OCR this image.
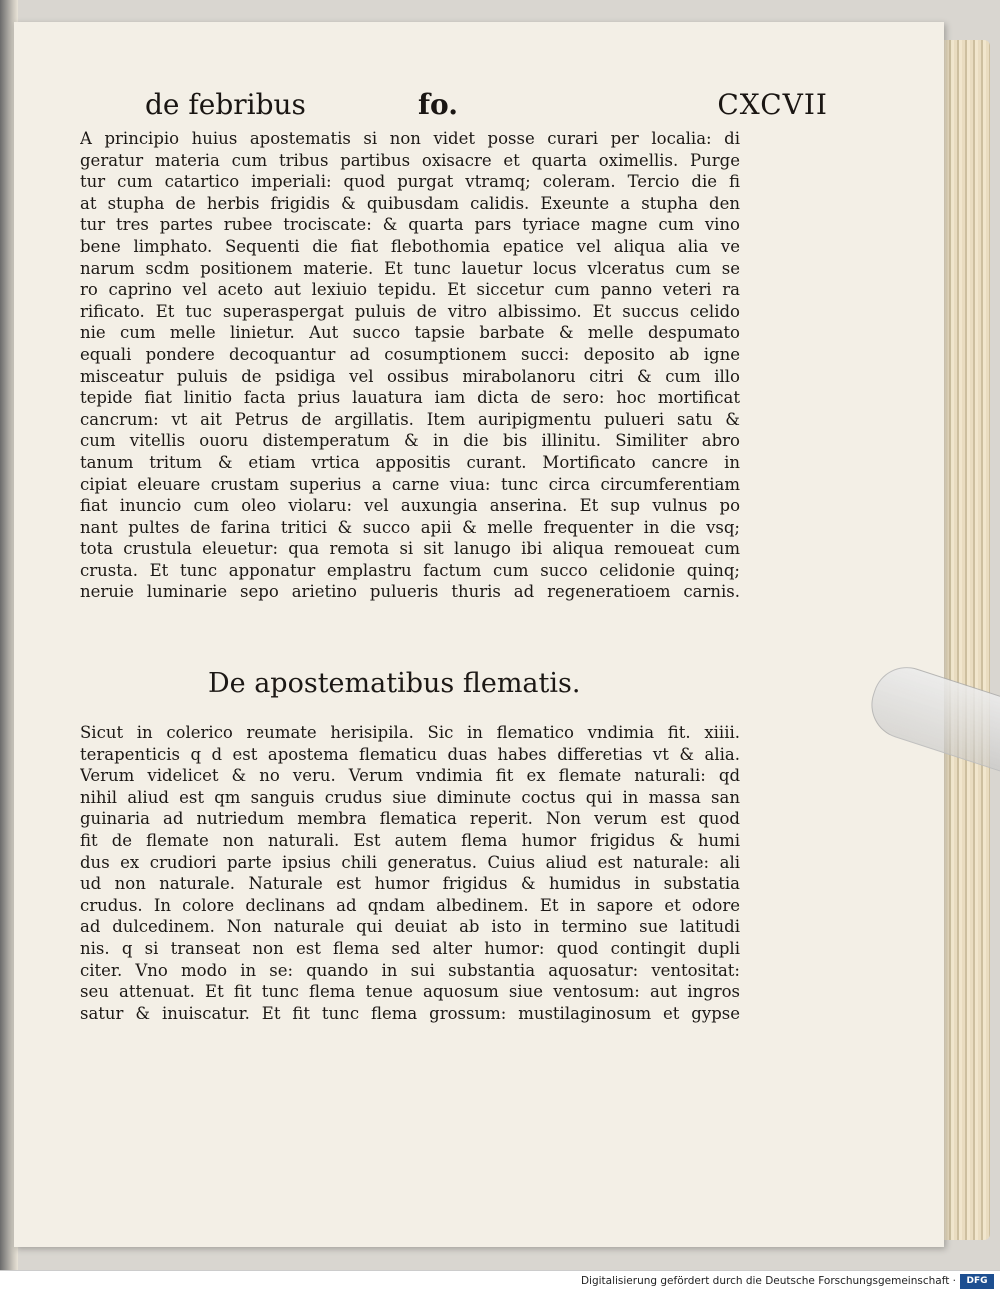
de febribus	fo.	CXCVII
A principio huius apostematis si non videt posse curari per localia: di
geratur materia cum tribus partibus oxisacre et quarta oximellis. Purge
tur cum catartico imperiali: quod purgat vtramq; coleram. Tercio die fi
at stupha de herbis frigidis & quibusdam calidis. Exeunte a stupha den
tur tres partes rubee trociscate: & quarta pars tyriace magne cum vino
bene limphato. Sequenti die fiat flebothomia epatice vel aliqua alia ve
narum scdm positionem materie. Et tunc lauetur locus vlceratus cum se
ro caprino vel aceto aut lexiuio tepidu. Et siccetur cum panno veteri ra
rificato. Et tuc superaspergat puluis de vitro albissimo. Et succus celido
nie cum melle linietur. Aut succo tapsie barbate & melle despumato
equali pondere decoquantur ad cosumptionem succi: deposito ab igne
misceatur puluis de psidiga vel ossibus mirabolanoru citri & cum illo
tepide fiat linitio facta prius lauatura iam dicta de sero: hoc mortificat
cancrum: vt ait Petrus de argillatis. Item auripigmentu pulueri satu &
cum vitellis ouoru distemperatum & in die bis illinitu. Similiter abro
tanum tritum & etiam vrtica appositis curant. Mortificato cancre in
cipiat eleuare crustam superius a carne viua: tunc circa circumferentiam
fiat inuncio cum oleo violaru: vel auxungia anserina. Et sup vulnus po
nant pultes de farina tritici & succo apii & melle frequenter in die vsq;
tota crustula eleuetur: qua remota si sit lanugo ibi aliqua remoueat cum
crusta. Et tunc apponatur emplastru factum cum succo celidonie quinq;
neruie luminarie sepo arietino pulueris thuris ad regeneratioem carnis.
De apostematibus flematis.
Sicut in colerico reumate herisipila. Sic in flematico vndimia fit. xiiii.
terapenticis q d est apostema flematicu duas habes differetias vt & alia.
Verum videlicet & no veru. Verum vndimia fit ex flemate naturali: qd
nihil aliud est qm sanguis crudus siue diminute coctus qui in massa san
guinaria ad nutriedum membra flematica reperit. Non verum est quod
fit de flemate non naturali. Est autem flema humor frigidus & humi
dus ex crudiori parte ipsius chili generatus. Cuius aliud est naturale: ali
ud non naturale. Naturale est humor frigidus & humidus in substatia
crudus. In colore declinans ad qndam albedinem. Et in sapore et odore
ad dulcedinem. Non naturale qui deuiat ab isto in termino sue latitudi
nis. q si transeat non est flema sed alter humor: quod contingit dupli
citer. Vno modo in se: quando in sui substantia aquosatur: ventositat:
seu attenuat. Et fit tunc flema tenue aquosum siue ventosum: aut ingros
satur & inuiscatur. Et fit tunc flema grossum: mustilaginosum et gypse
Digitalisierung gefördert durch die Deutsche Forschungsgemeinschaft ·	DFG
